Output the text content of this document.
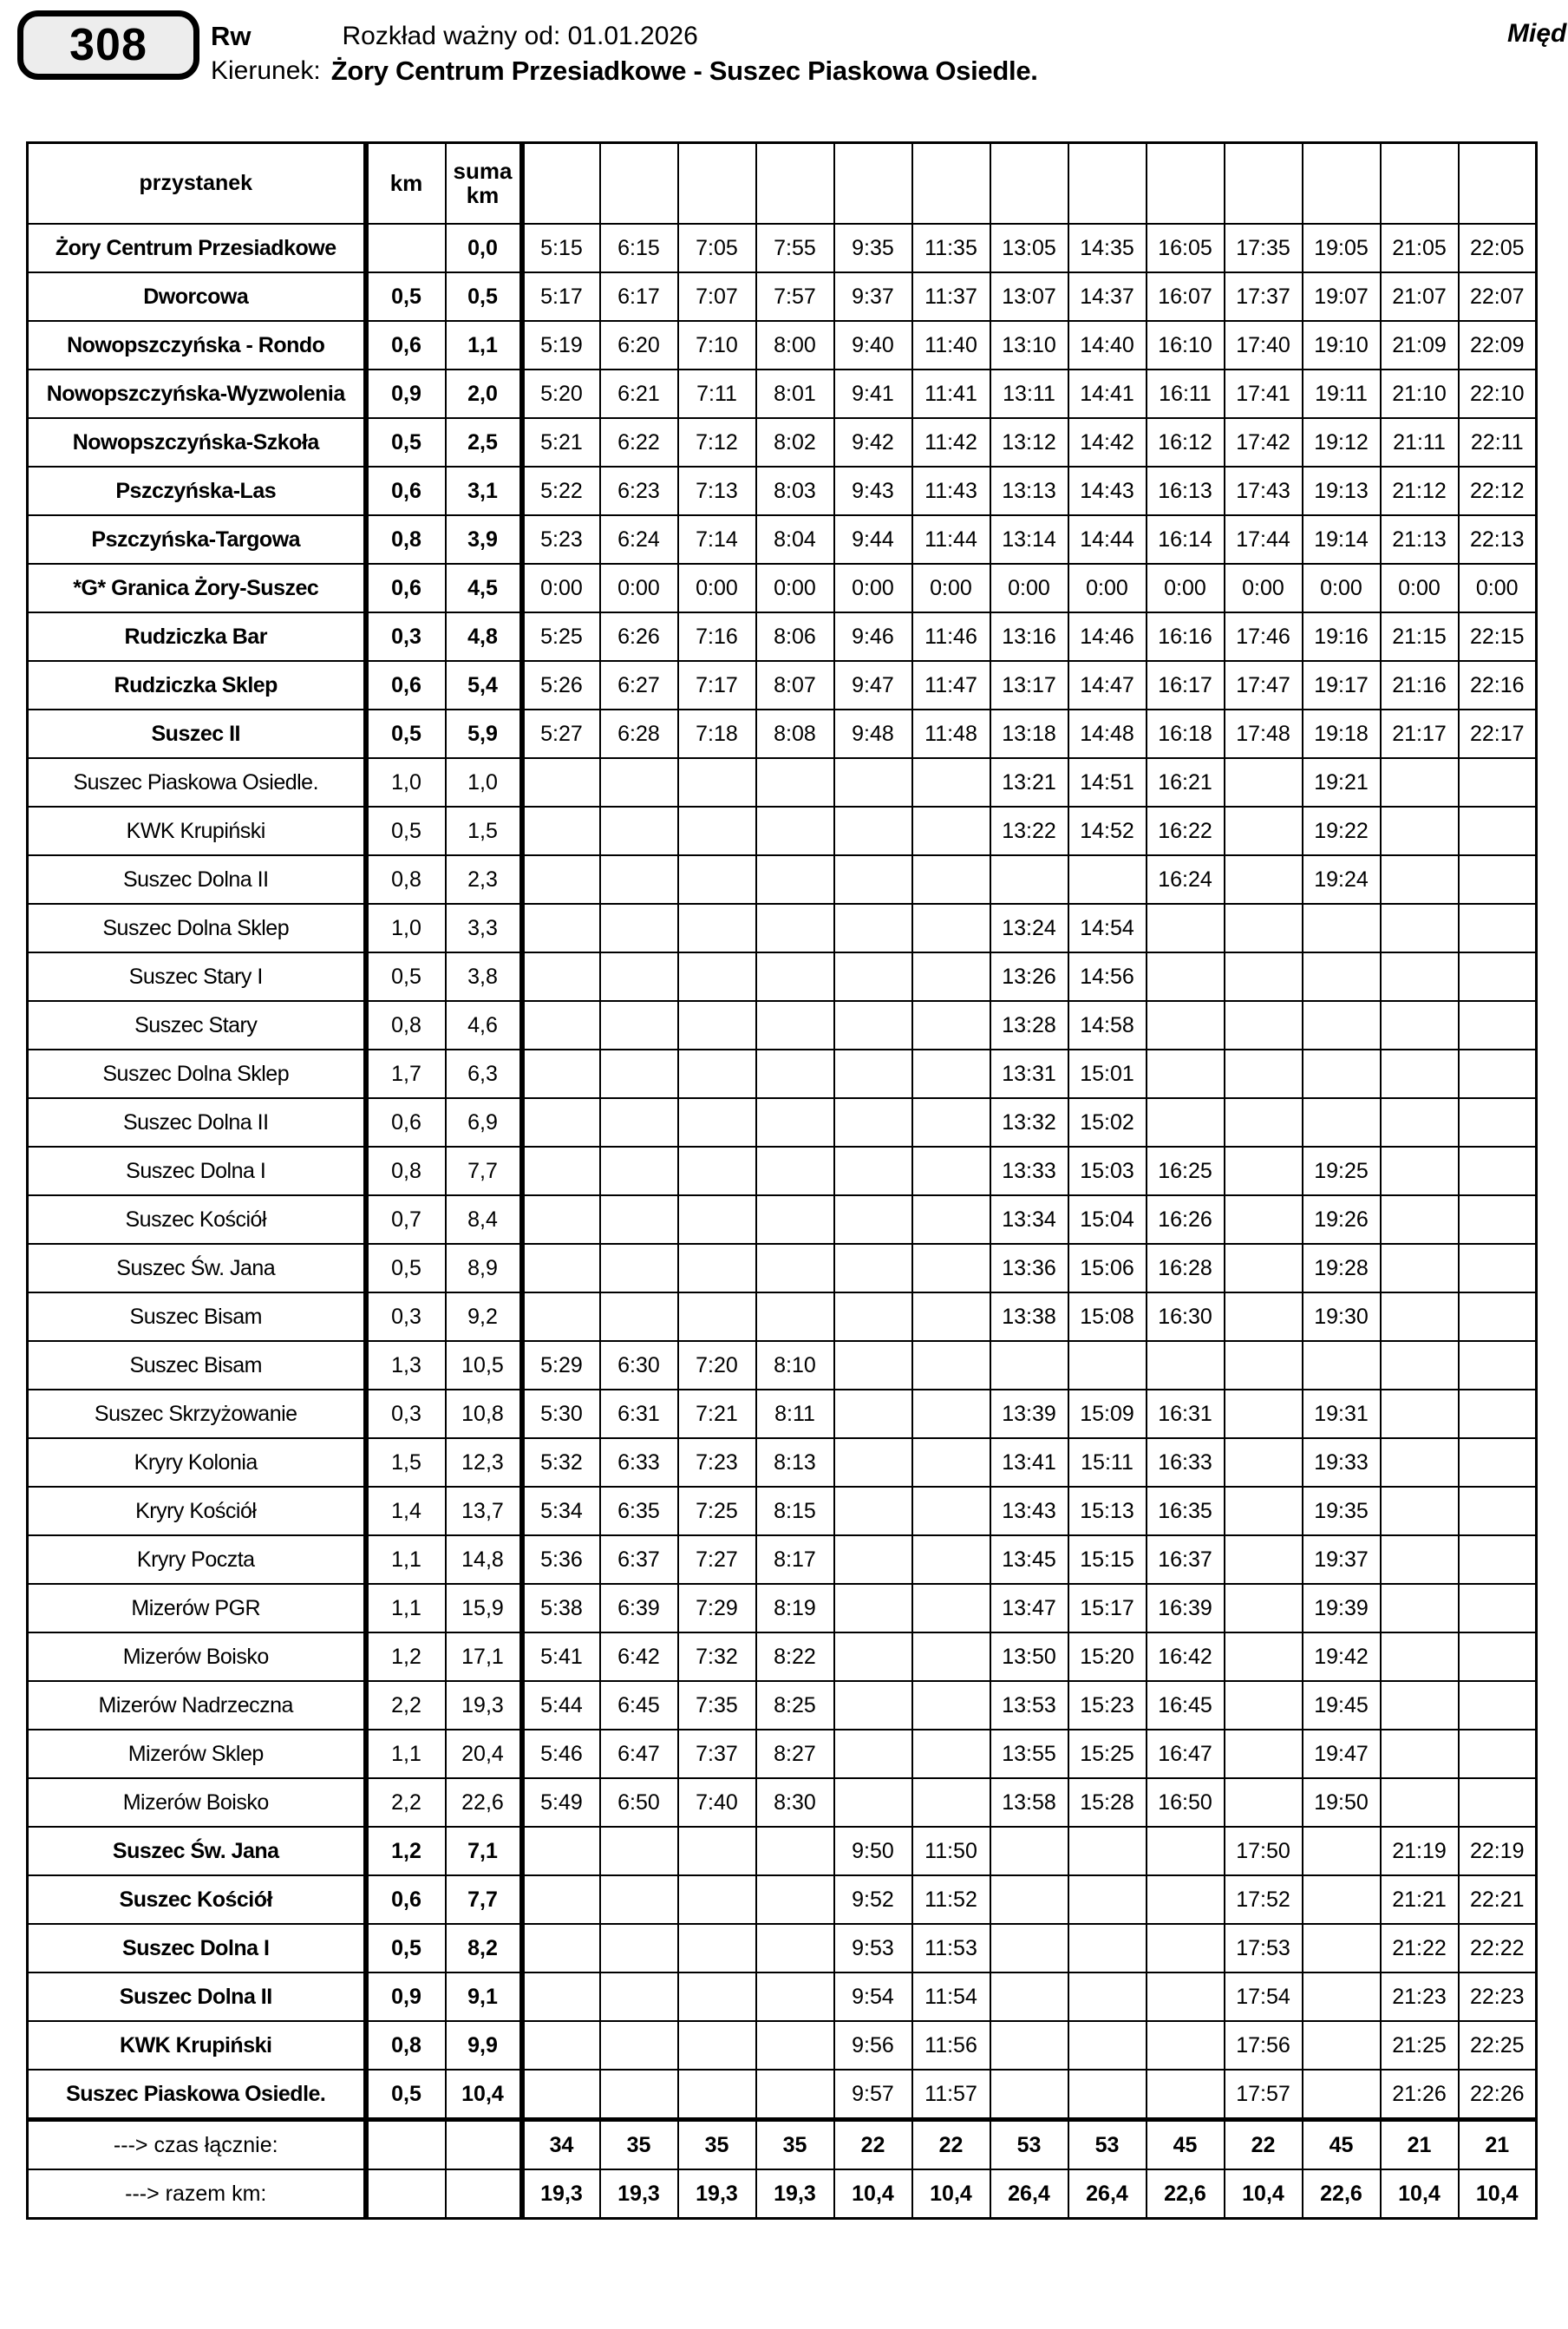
308 Rw	Rozkład ważny od: 01.01.2026
Kierunek: Żory Centrum Przesiadkowe - Suszec Piaskowa Osiedle.
Międ
przystanek	km	suma km													
Żory Centrum Przesiadkowe		0,0	5:15	6:15	7:05	7:55	9:35	11:35	13:05	14:35	16:05	17:35	19:05	21:05	22:05
Dworcowa	0,5	0,5	5:17	6:17	7:07	7:57	9:37	11:37	13:07	14:37	16:07	17:37	19:07	21:07	22:07
Nowopszczyńska - Rondo	0,6	1,1	5:19	6:20	7:10	8:00	9:40	11:40	13:10	14:40	16:10	17:40	19:10	21:09	22:09
Nowopszczyńska-Wyzwolenia	0,9	2,0	5:20	6:21	7:11	8:01	9:41	11:41	13:11	14:41	16:11	17:41	19:11	21:10	22:10
Nowopszczyńska-Szkoła	0,5	2,5	5:21	6:22	7:12	8:02	9:42	11:42	13:12	14:42	16:12	17:42	19:12	21:11	22:11
Pszczyńska-Las	0,6	3,1	5:22	6:23	7:13	8:03	9:43	11:43	13:13	14:43	16:13	17:43	19:13	21:12	22:12
Pszczyńska-Targowa	0,8	3,9	5:23	6:24	7:14	8:04	9:44	11:44	13:14	14:44	16:14	17:44	19:14	21:13	22:13
*G* Granica Żory-Suszec	0,6	4,5	0:00	0:00	0:00	0:00	0:00	0:00	0:00	0:00	0:00	0:00	0:00	0:00	0:00
Rudziczka Bar	0,3	4,8	5:25	6:26	7:16	8:06	9:46	11:46	13:16	14:46	16:16	17:46	19:16	21:15	22:15
Rudziczka Sklep	0,6	5,4	5:26	6:27	7:17	8:07	9:47	11:47	13:17	14:47	16:17	17:47	19:17	21:16	22:16
Suszec II	0,5	5,9	5:27	6:28	7:18	8:08	9:48	11:48	13:18	14:48	16:18	17:48	19:18	21:17	22:17
Suszec Piaskowa Osiedle.	1,0	1,0							13:21	14:51	16:21		19:21		
KWK Krupiński	0,5	1,5							13:22	14:52	16:22		19:22		
Suszec Dolna II	0,8	2,3									16:24		19:24		
Suszec Dolna Sklep	1,0	3,3							13:24	14:54					
Suszec Stary I	0,5	3,8							13:26	14:56					
Suszec Stary	0,8	4,6							13:28	14:58					
Suszec Dolna Sklep	1,7	6,3							13:31	15:01					
Suszec Dolna II	0,6	6,9							13:32	15:02					
Suszec Dolna I	0,8	7,7							13:33	15:03	16:25		19:25		
Suszec Kościół	0,7	8,4							13:34	15:04	16:26		19:26		
Suszec Św. Jana	0,5	8,9							13:36	15:06	16:28		19:28		
Suszec Bisam	0,3	9,2							13:38	15:08	16:30		19:30		
Suszec Bisam	1,3	10,5	5:29	6:30	7:20	8:10									
Suszec Skrzyżowanie	0,3	10,8	5:30	6:31	7:21	8:11			13:39	15:09	16:31		19:31		
Kryry Kolonia	1,5	12,3	5:32	6:33	7:23	8:13			13:41	15:11	16:33		19:33		
Kryry Kościół	1,4	13,7	5:34	6:35	7:25	8:15			13:43	15:13	16:35		19:35		
Kryry Poczta	1,1	14,8	5:36	6:37	7:27	8:17			13:45	15:15	16:37		19:37		
Mizerów PGR	1,1	15,9	5:38	6:39	7:29	8:19			13:47	15:17	16:39		19:39		
Mizerów Boisko	1,2	17,1	5:41	6:42	7:32	8:22			13:50	15:20	16:42		19:42		
Mizerów Nadrzeczna	2,2	19,3	5:44	6:45	7:35	8:25			13:53	15:23	16:45		19:45		
Mizerów Sklep	1,1	20,4	5:46	6:47	7:37	8:27			13:55	15:25	16:47		19:47		
Mizerów Boisko	2,2	22,6	5:49	6:50	7:40	8:30			13:58	15:28	16:50		19:50		
Suszec Św. Jana	1,2	7,1					9:50	11:50				17:50		21:19	22:19
Suszec Kościół	0,6	7,7					9:52	11:52				17:52		21:21	22:21
Suszec Dolna I	0,5	8,2					9:53	11:53				17:53		21:22	22:22
Suszec Dolna II	0,9	9,1					9:54	11:54				17:54		21:23	22:23
KWK Krupiński	0,8	9,9					9:56	11:56				17:56		21:25	22:25
Suszec Piaskowa Osiedle.	0,5	10,4					9:57	11:57				17:57		21:26	22:26
---> czas łącznie:			34	35	35	35	22	22	53	53	45	22	45	21	21
---> razem km:			19,3	19,3	19,3	19,3	10,4	10,4	26,4	26,4	22,6	10,4	22,6	10,4	10,4
